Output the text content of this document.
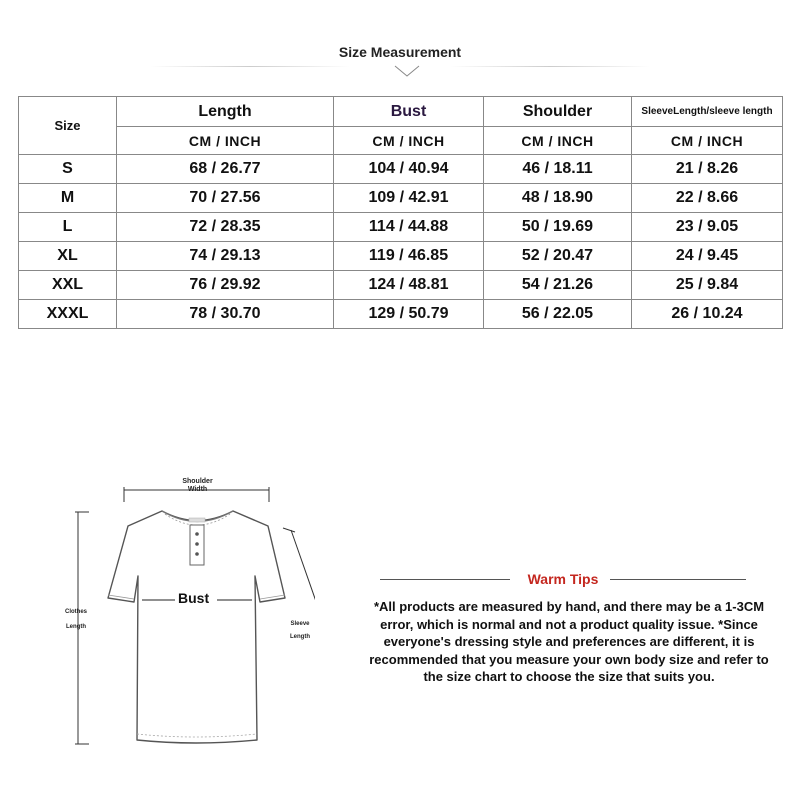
Size Measurement
Size	Length	Bust	Shoulder	SleeveLength/sleeve length
	CM / INCH	CM / INCH	CM / INCH	CM / INCH
S	68 / 26.77	104 / 40.94	46 / 18.11	21 / 8.26
M	70 / 27.56	109 / 42.91	48 / 18.90	22 / 8.66
L	72 / 28.35	114 / 44.88	50 / 19.69	23 / 9.05
XL	74 / 29.13	119 / 46.85	52 / 20.47	24 / 9.45
XXL	76 / 29.92	124 / 48.81	54 / 21.26	25 / 9.84
XXXL	78 / 30.70	129 / 50.79	56 / 22.05	26 / 10.24
Shoulder
Width
Bust
Clothes
Length	Sleeve
Length
Warm Tips
*All products are measured by hand, and there may be a 1-3CM
error, which is normal and not a product quality issue. *Since
everyone's dressing style and preferences are different, it is
recommended that you measure your own body size and refer to
the size chart to choose the size that suits you.
